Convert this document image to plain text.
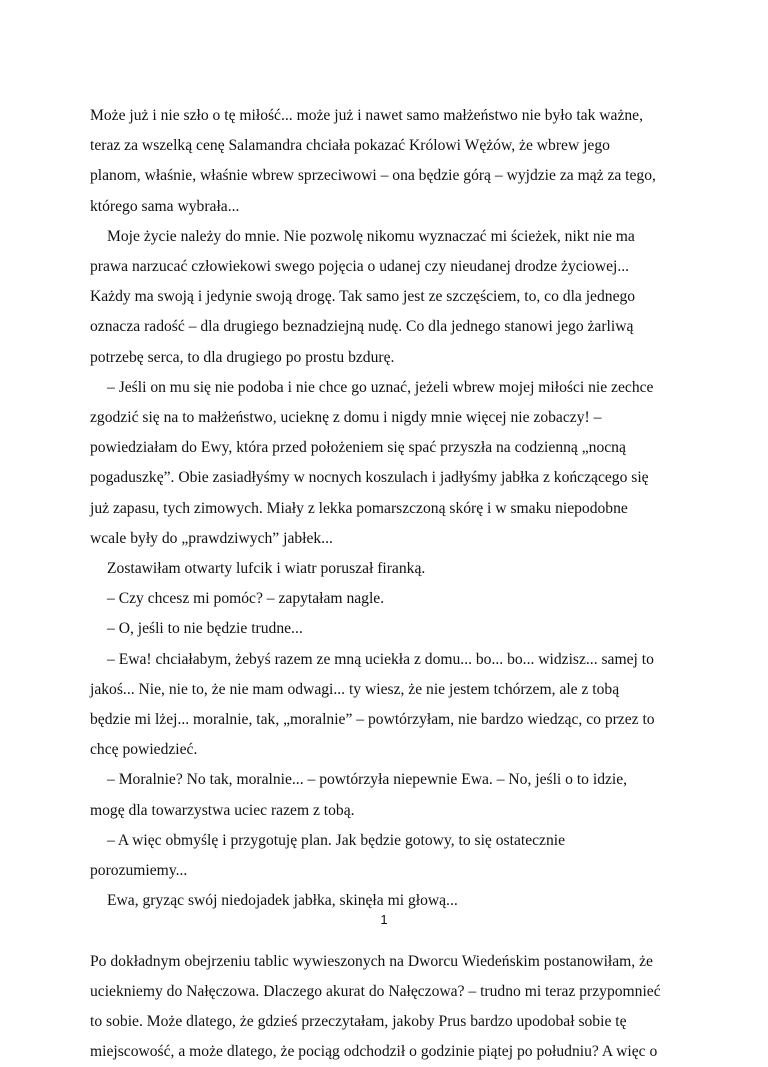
Może już i nie szło o tę miłość... może już i nawet samo małżeństwo nie było tak ważne,
teraz za wszelką cenę Salamandra chciała pokazać Królowi Wężów, że wbrew jego
planom, właśnie, właśnie wbrew sprzeciwowi – ona będzie górą – wyjdzie za mąż za tego,
którego sama wybrała...
Moje życie należy do mnie. Nie pozwolę nikomu wyznaczać mi ścieżek, nikt nie ma
prawa narzucać człowiekowi swego pojęcia o udanej czy nieudanej drodze życiowej...
Każdy ma swoją i jedynie swoją drogę. Tak samo jest ze szczęściem, to, co dla jednego
oznacza radość – dla drugiego beznadziejną nudę. Co dla jednego stanowi jego żarliwą
potrzebę serca, to dla drugiego po prostu bzdurę.
– Jeśli on mu się nie podoba i nie chce go uznać, jeżeli wbrew mojej miłości nie zechce
zgodzić się na to małżeństwo, ucieknę z domu i nigdy mnie więcej nie zobaczy! –
powiedziałam do Ewy, która przed położeniem się spać przyszła na codzienną „nocną
pogaduszkę”. Obie zasiadłyśmy w nocnych koszulach i jadłyśmy jabłka z kończącego się
już zapasu, tych zimowych. Miały z lekka pomarszczoną skórę i w smaku niepodobne
wcale były do „prawdziwych” jabłek...
Zostawiłam otwarty lufcik i wiatr poruszał firanką.
– Czy chcesz mi pomóc? – zapytałam nagle.
– O, jeśli to nie będzie trudne...
– Ewa! chciałabym, żebyś razem ze mną uciekła z domu... bo... bo... widzisz... samej to
jakoś... Nie, nie to, że nie mam odwagi... ty wiesz, że nie jestem tchórzem, ale z tobą
będzie mi lżej... moralnie, tak, „moralnie” – powtórzyłam, nie bardzo wiedząc, co przez to
chcę powiedzieć.
– Moralnie? No tak, moralnie... – powtórzyła niepewnie Ewa. – No, jeśli o to idzie,
mogę dla towarzystwa uciec razem z tobą.
– A więc obmyślę i przygotuję plan. Jak będzie gotowy, to się ostatecznie
porozumiemy...
Ewa, gryząc swój niedojadek jabłka, skinęła mi głową...
Po dokładnym obejrzeniu tablic wywieszonych na Dworcu Wiedeńskim postanowiłam, że
uciekniemy do Nałęczowa. Dlaczego akurat do Nałęczowa? – trudno mi teraz przypomnieć
to sobie. Może dlatego, że gdzieś przeczytałam, jakoby Prus bardzo upodobał sobie tę
miejscowość, a może dlatego, że pociąg odchodził o godzinie piątej po południu? A więc o
1
